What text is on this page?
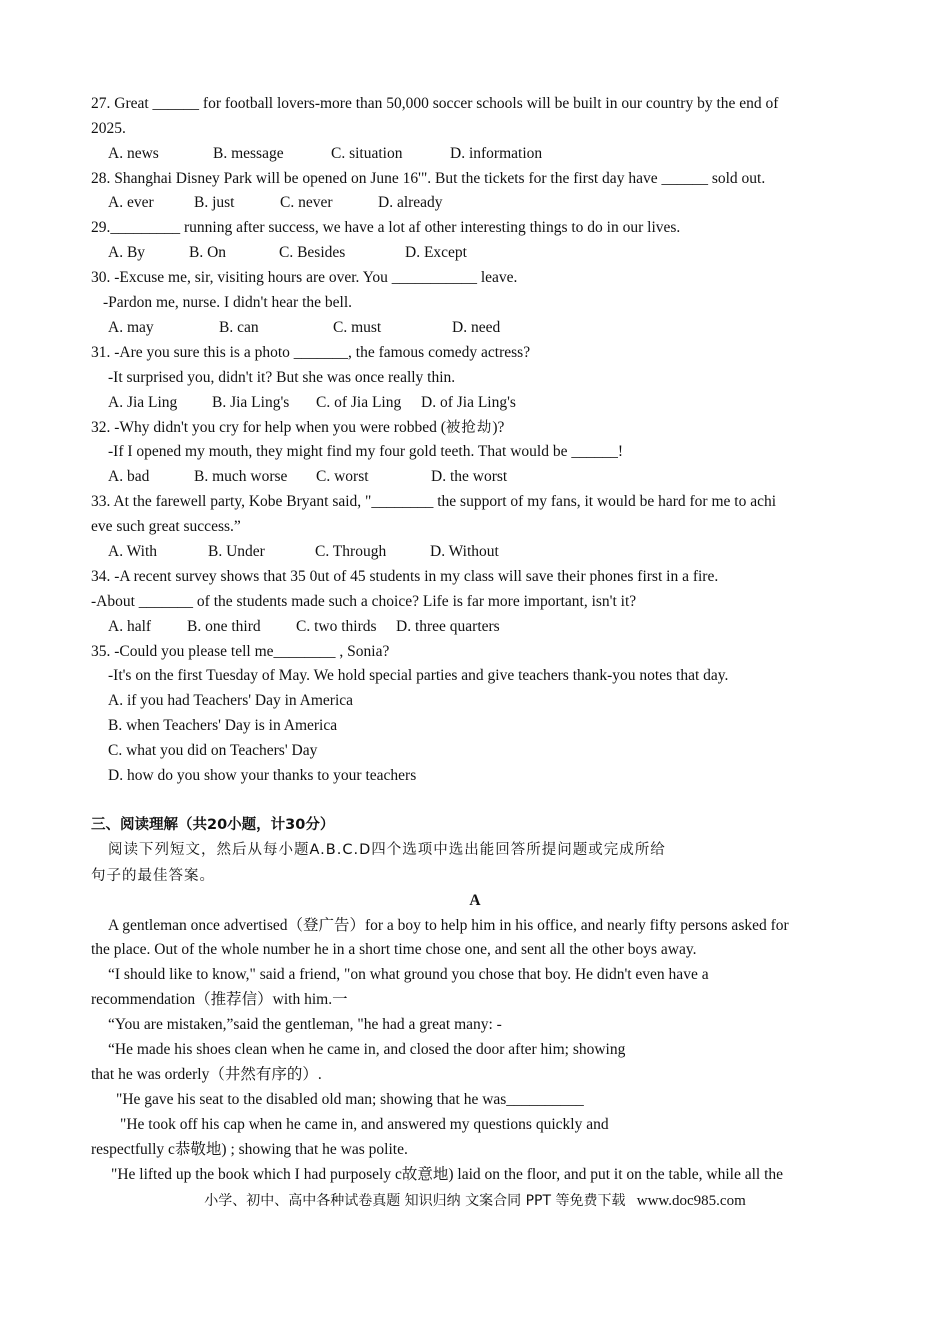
27. Great ______ for football lovers-more than 50,000 soccer schools will be built in our country by the end of
2025.
A. news	B. message	C. situation	D. information
28. Shanghai Disney Park will be opened on June 16'". But the tickets for the first day have ______ sold out.
A. ever	B. just	C. never	D. already
29._________ running after success, we have a lot af other interesting things to do in our lives.
A. By	B. On	C. Besides	D. Except
30. -Excuse me, sir, visiting hours are over. You ___________ leave.
-Pardon me, nurse. I didn't hear the bell.
A. may	B. can	C. must	D. need
31. -Are you sure this is a photo _______, the famous comedy actress?
-It surprised you, didn't it? But she was once really thin.
A. Jia Ling B. Jia Ling's C. of Jia Ling D. of Jia Ling's
32. -Why didn't you cry for help when you were robbed (被抢劫)?
-If I opened my mouth, they might find my four gold teeth. That would be ______!
A. bad	B. much worse C. worst	D. the worst
33. At the farewell party, Kobe Bryant said, "________ the support of my fans, it would be hard for me to achi
eve such great success.”
A. With	B. Under	C. Through	D. Without
34. -A recent survey shows that 35 0ut of 45 students in my class will save their phones first in a fire.
-About _______ of the students made such a choice? Life is far more important, isn't it?
A. half B. one third C. two thirds D. three quarters
35. -Could you please tell me________ , Sonia?
-It's on the first Tuesday of May. We hold special parties and give teachers thank-you notes that day.
A. if you had Teachers' Day in America
B. when Teachers' Day is in America
C. what you did on Teachers' Day
D. how do you show your thanks to your teachers
三、阅读理解（共20小题，计30分）
阅读下列短文，然后从每小题A.B.C.D四个选项中选出能回答所提问题或完成所给
句子的最佳答案。
A
A gentleman once advertised（登广告）for a boy to help him in his office, and nearly fifty persons asked for
the place. Out of the whole number he in a short time chose one, and sent all the other boys away.
“I should like to know," said a friend, "on what ground you chose that boy. He didn't even have a
recommendation（推荐信）with him.一
“You are mistaken,”said the gentleman, "he had a great many: -
“He made his shoes clean when he came in, and closed the door after him; showing
that he was orderly（井然有序的）.
"He gave his seat to the disabled old man; showing that he was__________
"He took off his cap when he came in, and answered my questions quickly and
respectfully c恭敬地) ; showing that he was polite.
"He lifted up the book which I had purposely c故意地) laid on the floor, and put it on the table, while all the
小学、初中、高中各种试卷真题 知识归纳 文案合同 PPT 等免费下载 www.doc985.com
